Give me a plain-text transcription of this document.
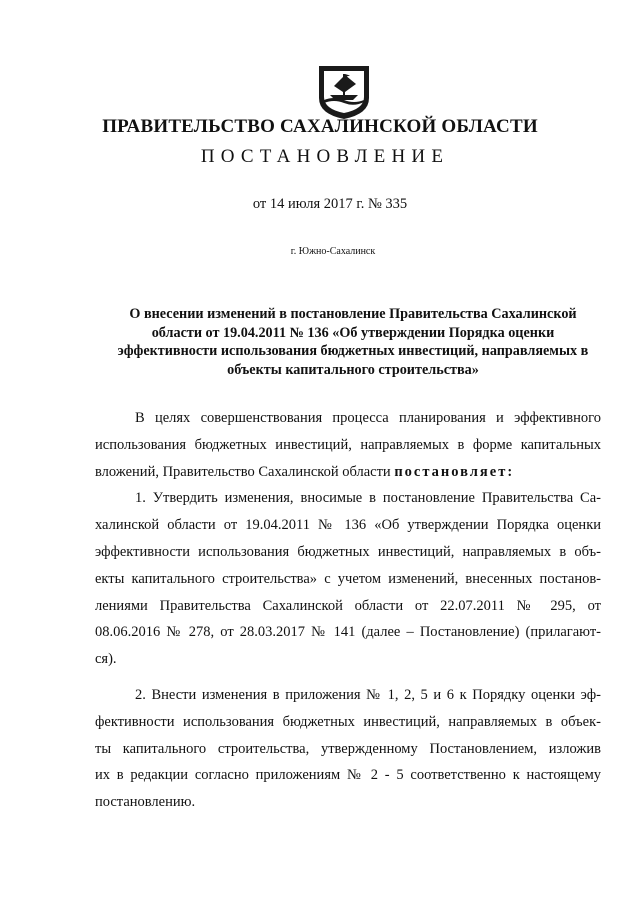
ПРАВИТЕЛЬСТВО САХАЛИНСКОЙ ОБЛАСТИ
ПОСТАНОВЛЕНИЕ
от 14 июля 2017 г. № 335
г. Южно-Сахалинск
О внесении изменений в постановление Правительства Сахалинской
области от 19.04.2011 № 136 «Об утверждении Порядка оценки
эффективности использования бюджетных инвестиций, направляемых в
объекты капитального строительства»
В целях совершенствования процесса планирования и эффективного
использования бюджетных инвестиций, направляемых в форме капитальных
вложений, Правительство Сахалинской области постановляет:
1. Утвердить изменения, вносимые в постановление Правительства Са-
халинской области от 19.04.2011 № 136 «Об утверждении Порядка оценки
эффективности использования бюджетных инвестиций, направляемых в объ-
екты капитального строительства» с учетом изменений, внесенных постанов-
лениями Правительства Сахалинской области от 22.07.2011 № 295, от
08.06.2016 № 278, от 28.03.2017 № 141 (далее – Постановление) (прилагают-
ся).
2. Внести изменения в приложения № 1, 2, 5 и 6 к Порядку оценки эф-
фективности использования бюджетных инвестиций, направляемых в объек-
ты капитального строительства, утвержденному Постановлением, изложив
их в редакции согласно приложениям № 2 - 5 соответственно к настоящему
постановлению.
